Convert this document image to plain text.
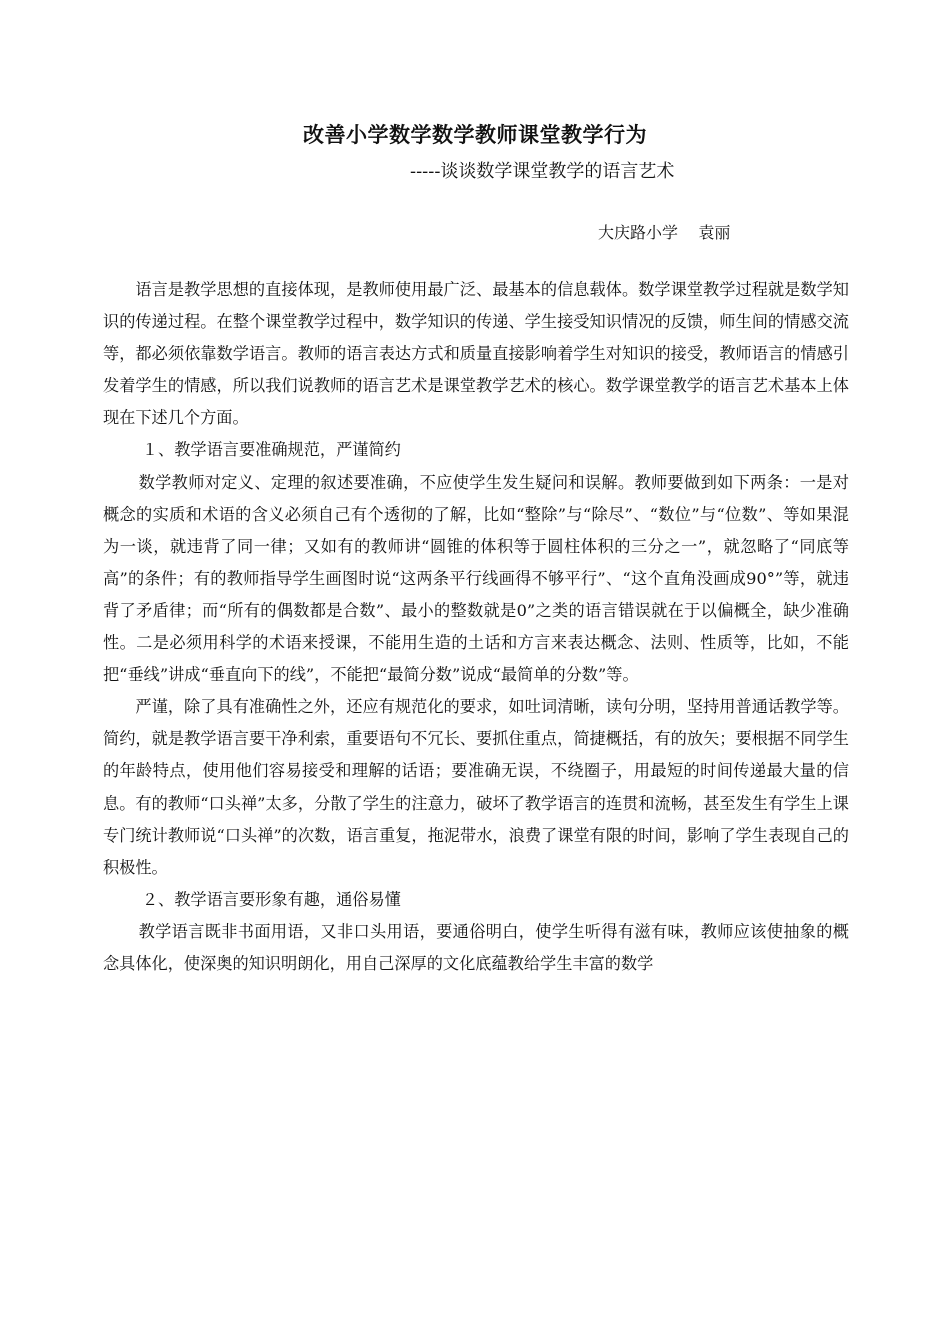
改善小学数学数学教师课堂教学行为
-----谈谈数学课堂教学的语言艺术
大庆路小学    袁丽

语言是教学思想的直接体现，是教师使用最广泛、最基本的信息载体。数学课堂教学过程就是数学知识的传递过程。在整个课堂教学过程中，数学知识的传递、学生接受知识情况的反馈，师生间的情感交流等，都必须依靠数学语言。教师的语言表达方式和质量直接影响着学生对知识的接受，教师语言的情感引发着学生的情感，所以我们说教师的语言艺术是课堂教学艺术的核心。数学课堂教学的语言艺术基本上体现在下述几个方面。

１、教学语言要准确规范，严谨简约

数学教师对定义、定理的叙述要准确，不应使学生发生疑问和误解。教师要做到如下两条：一是对概念的实质和术语的含义必须自己有个透彻的了解，比如“整除”与“除尽”、“数位”与“位数”、等如果混为一谈，就违背了同一律；又如有的教师讲“圆锥的体积等于圆柱体积的三分之一”，就忽略了“同底等高”的条件；有的教师指导学生画图时说“这两条平行线画得不够平行”、“这个直角没画成90°”等，就违背了矛盾律；而“所有的偶数都是合数”、最小的整数就是0”之类的语言错误就在于以偏概全，缺少准确性。二是必须用科学的术语来授课，不能用生造的土话和方言来表达概念、法则、性质等，比如，不能把“垂线”讲成“垂直向下的线”，不能把“最简分数”说成“最简单的分数”等。

严谨，除了具有准确性之外，还应有规范化的要求，如吐词清晰，读句分明，坚持用普通话教学等。简约，就是教学语言要干净利索，重要语句不冗长、要抓住重点，简捷概括，有的放矢；要根据不同学生的年龄特点，使用他们容易接受和理解的话语；要准确无误，不绕圈子，用最短的时间传递最大量的信息。有的教师“口头禅”太多，分散了学生的注意力，破坏了教学语言的连贯和流畅，甚至发生有学生上课专门统计教师说“口头禅”的次数，语言重复，拖泥带水，浪费了课堂有限的时间，影响了学生表现自己的积极性。

２、教学语言要形象有趣，通俗易懂

教学语言既非书面用语，又非口头用语，要通俗明白，使学生听得有滋有味，教师应该使抽象的概念具体化，使深奥的知识明朗化，用自己深厚的文化底蕴教给学生丰富的数学
